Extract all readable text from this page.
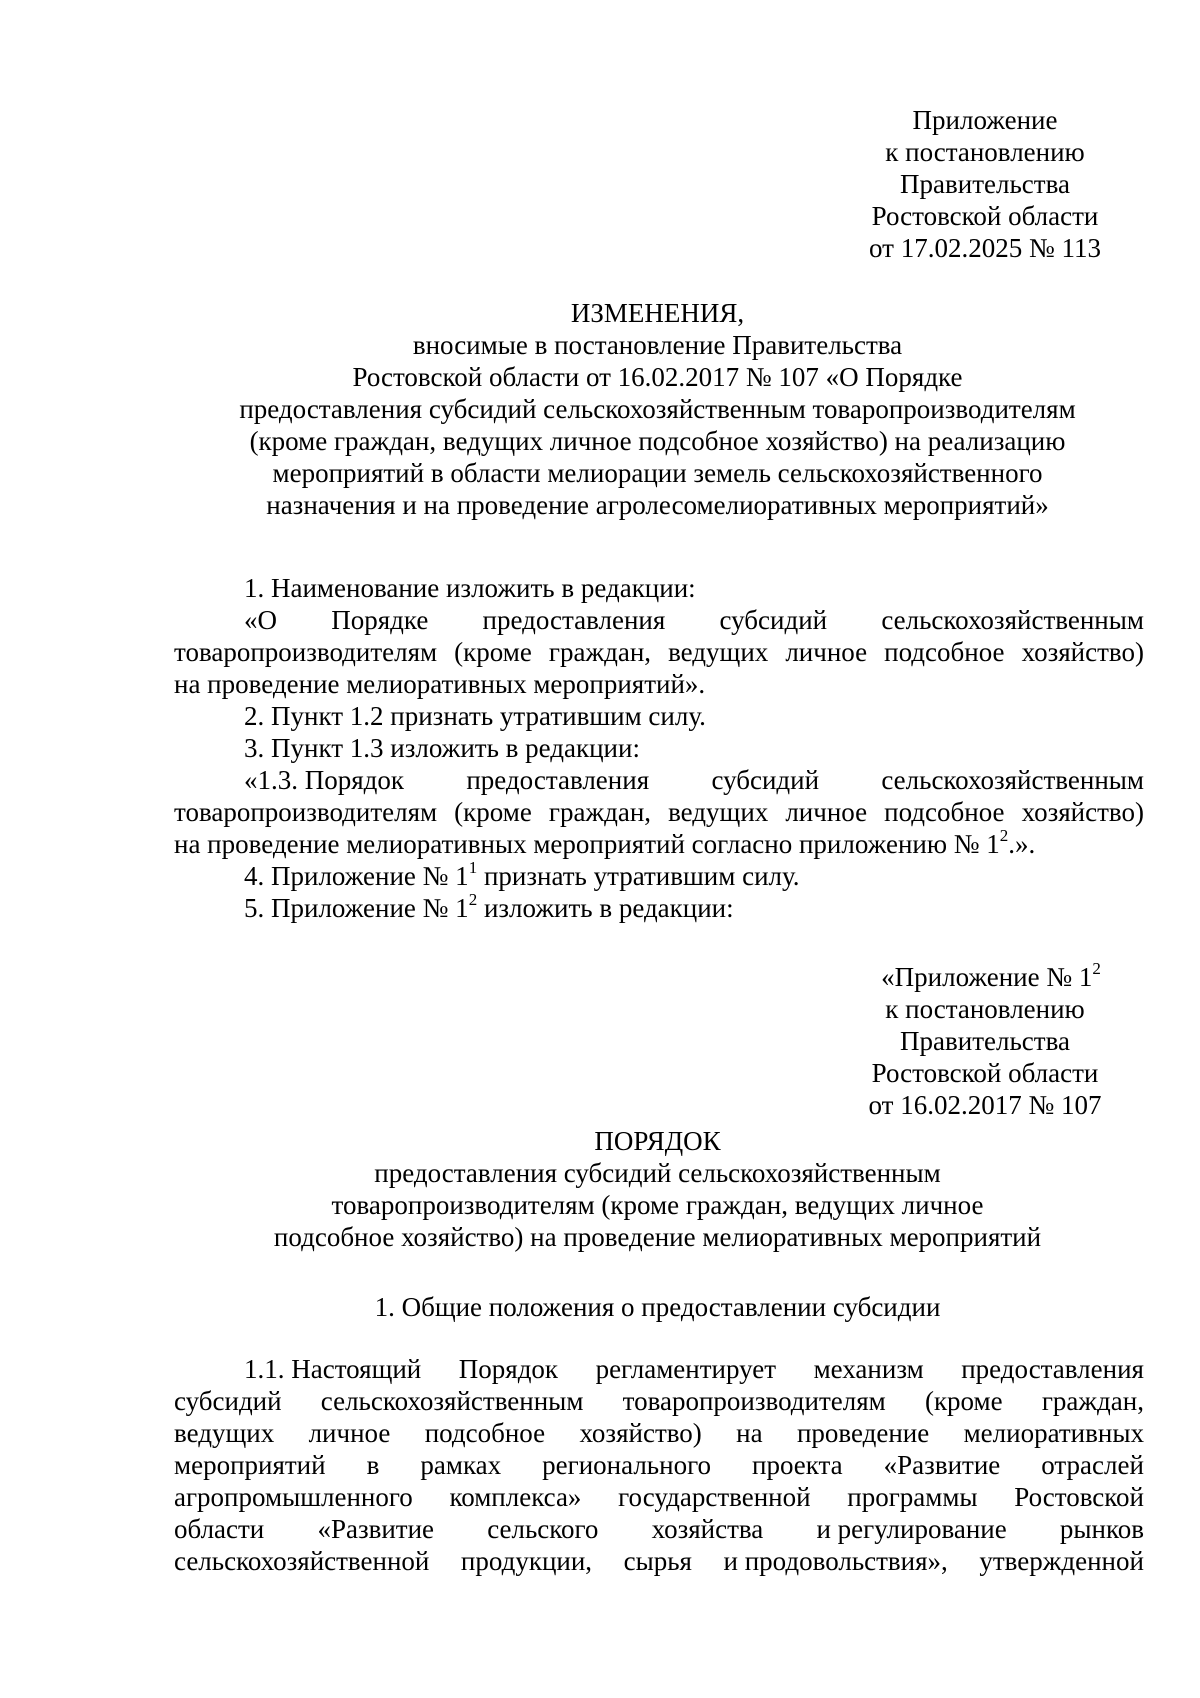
Приложение
к постановлению
Правительства
Ростовской области
от 17.02.2025 № 113
ИЗМЕНЕНИЯ,
вносимые в постановление Правительства
Ростовской области от 16.02.2017 № 107 «О Порядке
предоставления субсидий сельскохозяйственным товаропроизводителям
(кроме граждан, ведущих личное подсобное хозяйство) на реализацию
мероприятий в области мелиорации земель сельскохозяйственного
назначения и на проведение агролесомелиоративных мероприятий»
1. Наименование изложить в редакции:
«О Порядке предоставления субсидий сельскохозяйственным
товаропроизводителям (кроме граждан, ведущих личное подсобное хозяйство)
на проведение мелиоративных мероприятий».
2. Пункт 1.2 признать утратившим силу.
3. Пункт 1.3 изложить в редакции:
«1.3. Порядок предоставления субсидий сельскохозяйственным
товаропроизводителям (кроме граждан, ведущих личное подсобное хозяйство)
на проведение мелиоративных мероприятий согласно приложению № $1^2$.».
4. Приложение № $1^1$ признать утратившим силу.
5. Приложение № $1^2$ изложить в редакции:
«Приложение № $1^2$
к постановлению
Правительства
Ростовской области
от 16.02.2017 № 107
ПОРЯДОК
предоставления субсидий сельскохозяйственным
товаропроизводителям (кроме граждан, ведущих личное
подсобное хозяйство) на проведение мелиоративных мероприятий
1. Общие положения о предоставлении субсидии
1.1. Настоящий Порядок регламентирует механизм предоставления
субсидий сельскохозяйственным товаропроизводителям (кроме граждан,
ведущих личное подсобное хозяйство) на проведение мелиоративных
мероприятий в рамках регионального проекта «Развитие отраслей
агропромышленного комплекса» государственной программы Ростовской
области «Развитие сельского хозяйства и регулирование рынков
сельскохозяйственной продукции, сырья и продовольствия», утвержденной
